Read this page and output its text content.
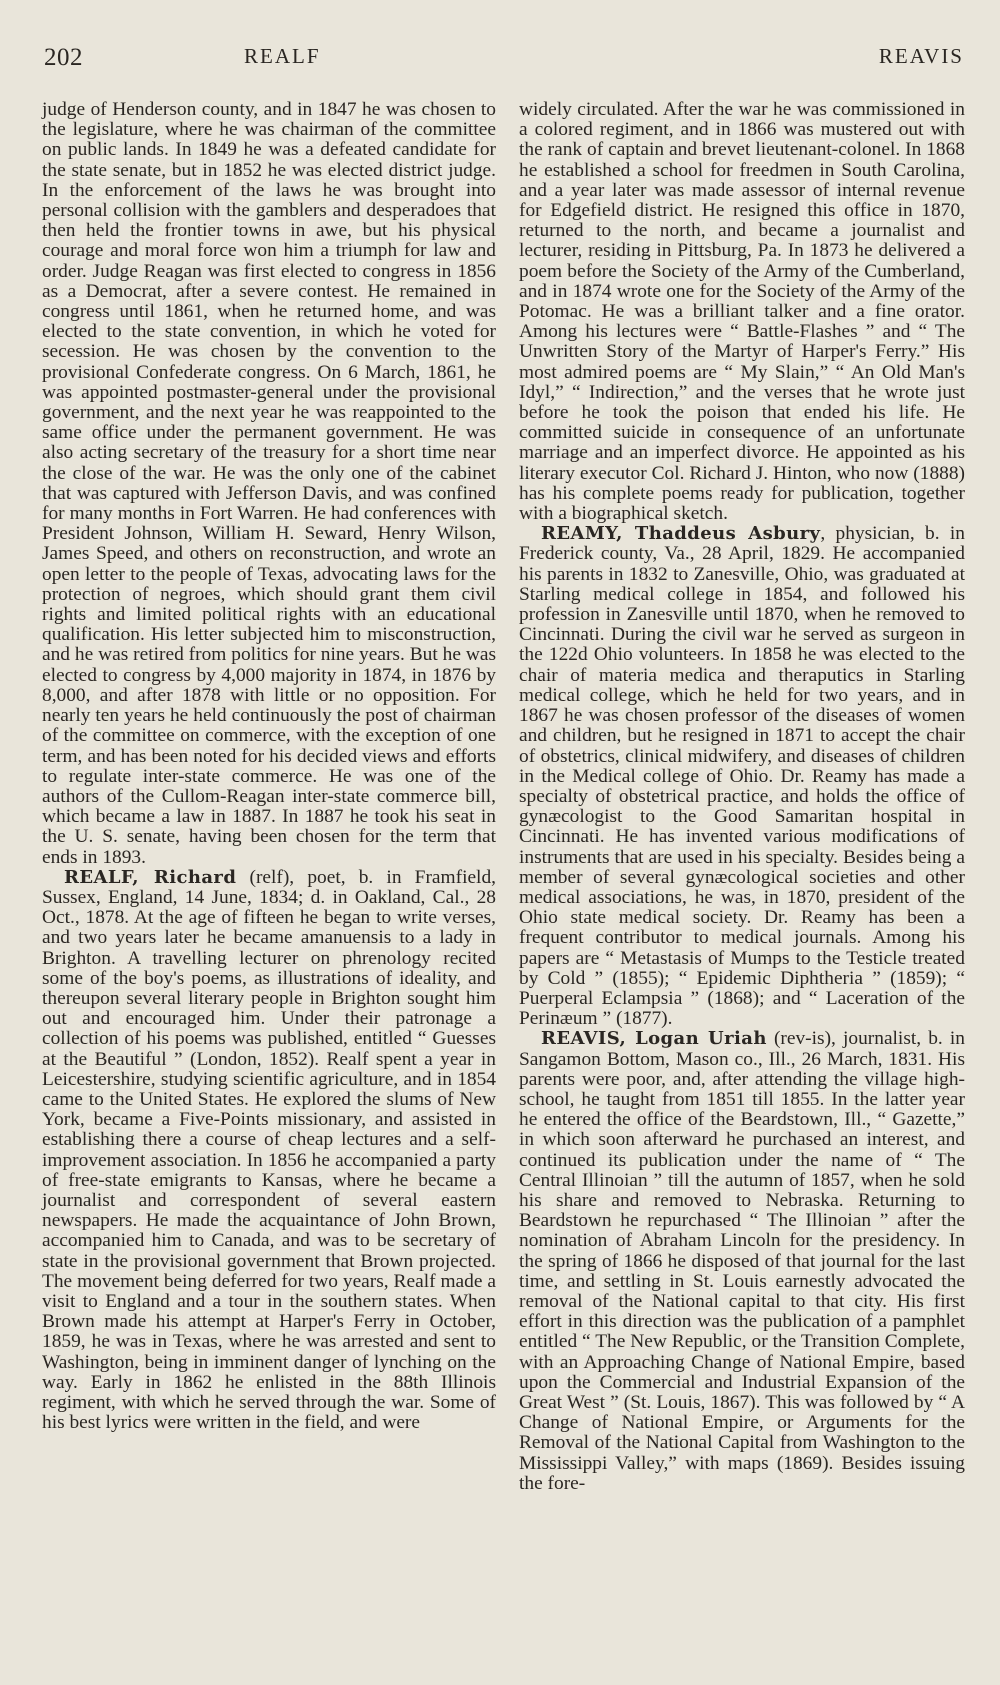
202	REALF	REAVIS

judge of Henderson county, and in 1847 he was chosen to the legislature, where he was chairman of the committee on public lands. In 1849 he was a defeated candidate for the state senate, but in 1852 he was elected district judge. In the enforcement of the laws he was brought into personal collision with the gamblers and desperadoes that then held the frontier towns in awe, but his physical courage and moral force won him a triumph for law and order. Judge Reagan was first elected to congress in 1856 as a Democrat, after a severe contest. He remained in congress until 1861, when he returned home, and was elected to the state convention, in which he voted for secession. He was chosen by the convention to the provisional Confederate congress. On 6 March, 1861, he was appointed postmaster-general under the provisional government, and the next year he was reappointed to the same office under the permanent government. He was also acting secretary of the treasury for a short time near the close of the war. He was the only one of the cabinet that was captured with Jefferson Davis, and was confined for many months in Fort Warren. He had conferences with President Johnson, William H. Seward, Henry Wilson, James Speed, and others on reconstruction, and wrote an open letter to the people of Texas, advocating laws for the protection of negroes, which should grant them civil rights and limited political rights with an educational qualification. His letter subjected him to misconstruction, and he was retired from politics for nine years. But he was elected to congress by 4,000 majority in 1874, in 1876 by 8,000, and after 1878 with little or no opposition. For nearly ten years he held continuously the post of chairman of the committee on commerce, with the exception of one term, and has been noted for his decided views and efforts to regulate inter-state commerce. He was one of the authors of the Cullom-Reagan inter-state commerce bill, which became a law in 1887. In 1887 he took his seat in the U. S. senate, having been chosen for the term that ends in 1893.

REALF, Richard (relf), poet, b. in Framfield, Sussex, England, 14 June, 1834; d. in Oakland, Cal., 28 Oct., 1878. At the age of fifteen he began to write verses, and two years later he became amanuensis to a lady in Brighton. A travelling lecturer on phrenology recited some of the boy's poems, as illustrations of ideality, and thereupon several literary people in Brighton sought him out and encouraged him. Under their patronage a collection of his poems was published, entitled “ Guesses at the Beautiful ” (London, 1852). Realf spent a year in Leicestershire, studying scientific agriculture, and in 1854 came to the United States. He explored the slums of New York, became a Five-Points missionary, and assisted in establishing there a course of cheap lectures and a self-improvement association. In 1856 he accompanied a party of free-state emigrants to Kansas, where he became a journalist and correspondent of several eastern newspapers. He made the acquaintance of John Brown, accompanied him to Canada, and was to be secretary of state in the provisional government that Brown projected. The movement being deferred for two years, Realf made a visit to England and a tour in the southern states. When Brown made his attempt at Harper's Ferry in October, 1859, he was in Texas, where he was arrested and sent to Washington, being in imminent danger of lynching on the way. Early in 1862 he enlisted in the 88th Illinois regiment, with which he served through the war. Some of his best lyrics were written in the field, and were

widely circulated. After the war he was commissioned in a colored regiment, and in 1866 was mustered out with the rank of captain and brevet lieutenant-colonel. In 1868 he established a school for freedmen in South Carolina, and a year later was made assessor of internal revenue for Edgefield district. He resigned this office in 1870, returned to the north, and became a journalist and lecturer, residing in Pittsburg, Pa. In 1873 he delivered a poem before the Society of the Army of the Cumberland, and in 1874 wrote one for the Society of the Army of the Potomac. He was a brilliant talker and a fine orator. Among his lectures were “ Battle-Flashes ” and “ The Unwritten Story of the Martyr of Harper's Ferry.” His most admired poems are “ My Slain,” “ An Old Man's Idyl,” “ Indirection,” and the verses that he wrote just before he took the poison that ended his life. He committed suicide in consequence of an unfortunate marriage and an imperfect divorce. He appointed as his literary executor Col. Richard J. Hinton, who now (1888) has his complete poems ready for publication, together with a biographical sketch.

REAMY, Thaddeus Asbury, physician, b. in Frederick county, Va., 28 April, 1829. He accompanied his parents in 1832 to Zanesville, Ohio, was graduated at Starling medical college in 1854, and followed his profession in Zanesville until 1870, when he removed to Cincinnati. During the civil war he served as surgeon in the 122d Ohio volunteers. In 1858 he was elected to the chair of materia medica and theraputics in Starling medical college, which he held for two years, and in 1867 he was chosen professor of the diseases of women and children, but he resigned in 1871 to accept the chair of obstetrics, clinical midwifery, and diseases of children in the Medical college of Ohio. Dr. Reamy has made a specialty of obstetrical practice, and holds the office of gynæcologist to the Good Samaritan hospital in Cincinnati. He has invented various modifications of instruments that are used in his specialty. Besides being a member of several gynæcological societies and other medical associations, he was, in 1870, president of the Ohio state medical society. Dr. Reamy has been a frequent contributor to medical journals. Among his papers are “ Metastasis of Mumps to the Testicle treated by Cold ” (1855); “ Epidemic Diphtheria ” (1859); “ Puerperal Eclampsia ” (1868); and “ Laceration of the Perinæum ” (1877).

REAVIS, Logan Uriah (rev-is), journalist, b. in Sangamon Bottom, Mason co., Ill., 26 March, 1831. His parents were poor, and, after attending the village high-school, he taught from 1851 till 1855. In the latter year he entered the office of the Beardstown, Ill., “ Gazette,” in which soon afterward he purchased an interest, and continued its publication under the name of “ The Central Illinoian ” till the autumn of 1857, when he sold his share and removed to Nebraska. Returning to Beardstown he repurchased “ The Illinoian ” after the nomination of Abraham Lincoln for the presidency. In the spring of 1866 he disposed of that journal for the last time, and settling in St. Louis earnestly advocated the removal of the National capital to that city. His first effort in this direction was the publication of a pamphlet entitled “ The New Republic, or the Transition Complete, with an Approaching Change of National Empire, based upon the Commercial and Industrial Expansion of the Great West ” (St. Louis, 1867). This was followed by “ A Change of National Empire, or Arguments for the Removal of the National Capital from Washington to the Mississippi Valley,” with maps (1869). Besides issuing the fore-
